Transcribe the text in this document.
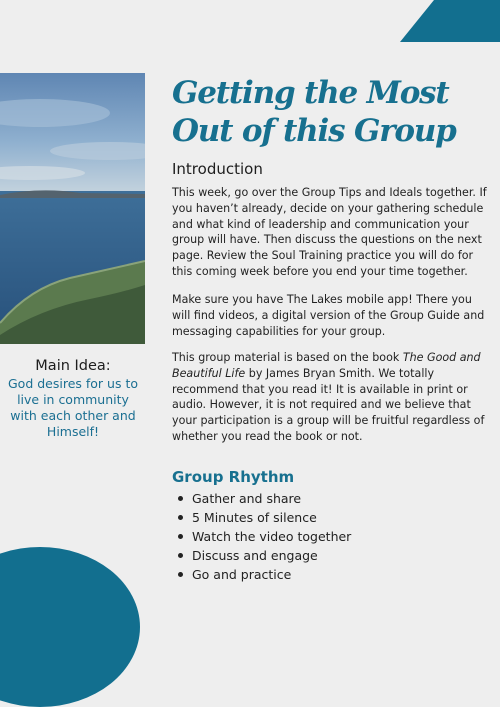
Main Idea:
God desires for us to live in community with each other and Himself!
Getting the Most
Out of this Group
Introduction
This week, go over the Group Tips and Ideals together. If you haven’t already, decide on your gathering schedule and what kind of leadership and communication your group will have. Then discuss the questions on the next page. Review the Soul Training practice you will do for this coming week before you end your time together.
Make sure you have The Lakes mobile app! There you will find videos, a digital version of the Group Guide and messaging capabilities for your group.
This group material is based on the book The Good and Beautiful Life by James Bryan Smith. We totally recommend that you read it! It is available in print or audio. However, it is not required and we believe that your participation is a group will be fruitful regardless of whether you read the book or not.
Group Rhythm
Gather and share
5 Minutes of silence
Watch the video together
Discuss and engage
Go and practice
